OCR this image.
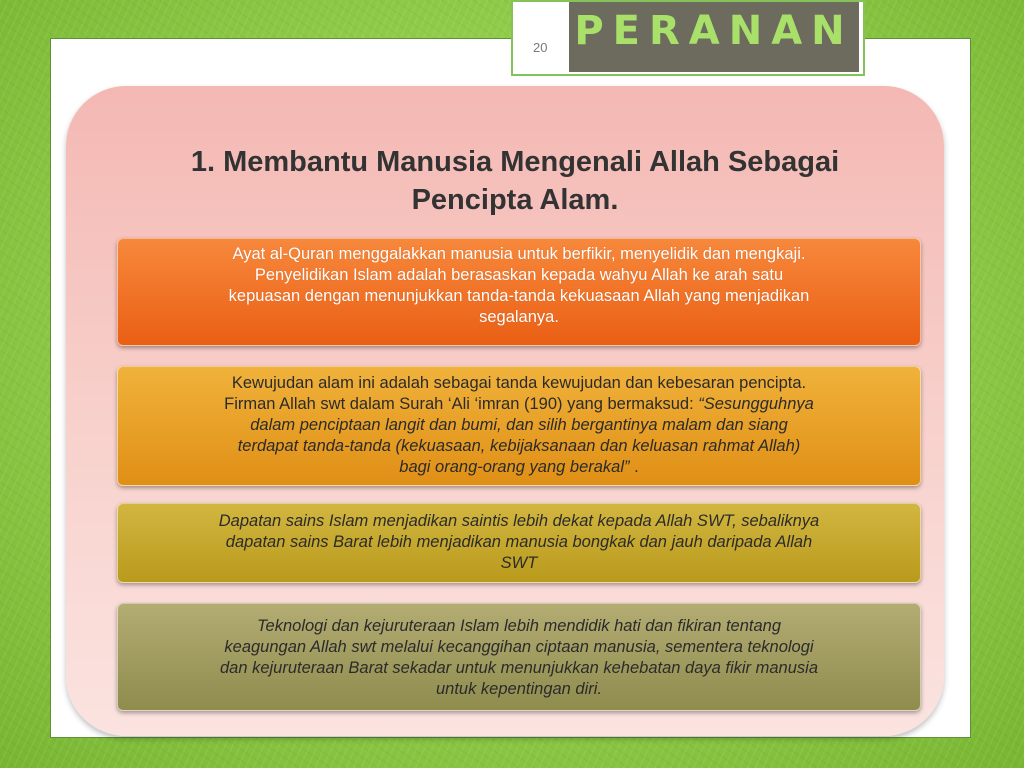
20 PERANAN
1. Membantu Manusia Mengenali Allah Sebagai
Pencipta Alam.
Ayat al-Quran menggalakkan manusia untuk berfikir, menyelidik dan mengkaji.
Penyelidikan Islam adalah berasaskan kepada wahyu Allah ke arah satu
kepuasan dengan menunjukkan tanda-tanda kekuasaan Allah yang menjadikan
segalanya.
Kewujudan alam ini adalah sebagai tanda kewujudan dan kebesaran pencipta.
Firman Allah swt dalam Surah ‘Ali ‘imran (190) yang bermaksud: “Sesungguhnya
dalam penciptaan langit dan bumi, dan silih bergantinya malam dan siang
terdapat tanda-tanda (kekuasaan, kebijaksanaan dan keluasan rahmat Allah)
bagi orang-orang yang berakal” .
Dapatan sains Islam menjadikan saintis lebih dekat kepada Allah SWT, sebaliknya
dapatan sains Barat lebih menjadikan manusia bongkak dan jauh daripada Allah
SWT
Teknologi dan kejuruteraan Islam lebih mendidik hati dan fikiran tentang
keagungan Allah swt melalui kecanggihan ciptaan manusia, sementera teknologi
dan kejuruteraan Barat sekadar untuk menunjukkan kehebatan daya fikir manusia
untuk kepentingan diri.
